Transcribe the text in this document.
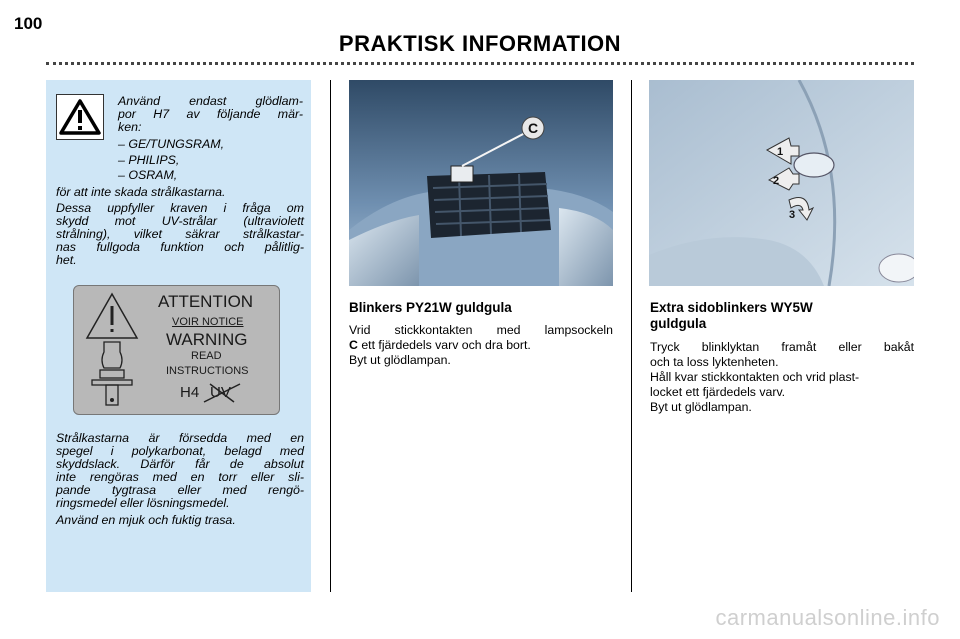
100
PRAKTISK INFORMATION
Använd endast glödlam-
por H7 av följande mär-
ken:
– GE/TUNGSRAM,
– PHILIPS,
– OSRAM,
för att inte skada strålkastarna.
Dessa uppfyller kraven i fråga om
skydd mot UV-strålar (ultraviolett
strålning), vilket säkrar strålkastar-
nas fullgoda funktion och pålitlig-
het.
ATTENTION
VOIR NOTICE
WARNING
READ
INSTRUCTIONS
H4 UV
Strålkastarna är försedda med en
spegel i polykarbonat, belagd med
skyddslack. Därför får de absolut
inte rengöras med en torr eller sli-
pande tygtrasa eller med rengö-
ringsmedel eller lösningsmedel.
Använd en mjuk och fuktig trasa.
C
1
2
3
Blinkers PY21W guldgula

Vrid stickkontakten med lampsockeln

C ett fjärdedels varv och dra bort.

Byt ut glödlampan.

Extra sidoblinkers WY5W
guldgula

Tryck blinklyktan framåt eller bakåt

och ta loss lyktenheten.

Håll kvar stickkontakten och vrid plast-

locket ett fjärdedels varv.

Byt ut glödlampan.

carmanualsonline.info
